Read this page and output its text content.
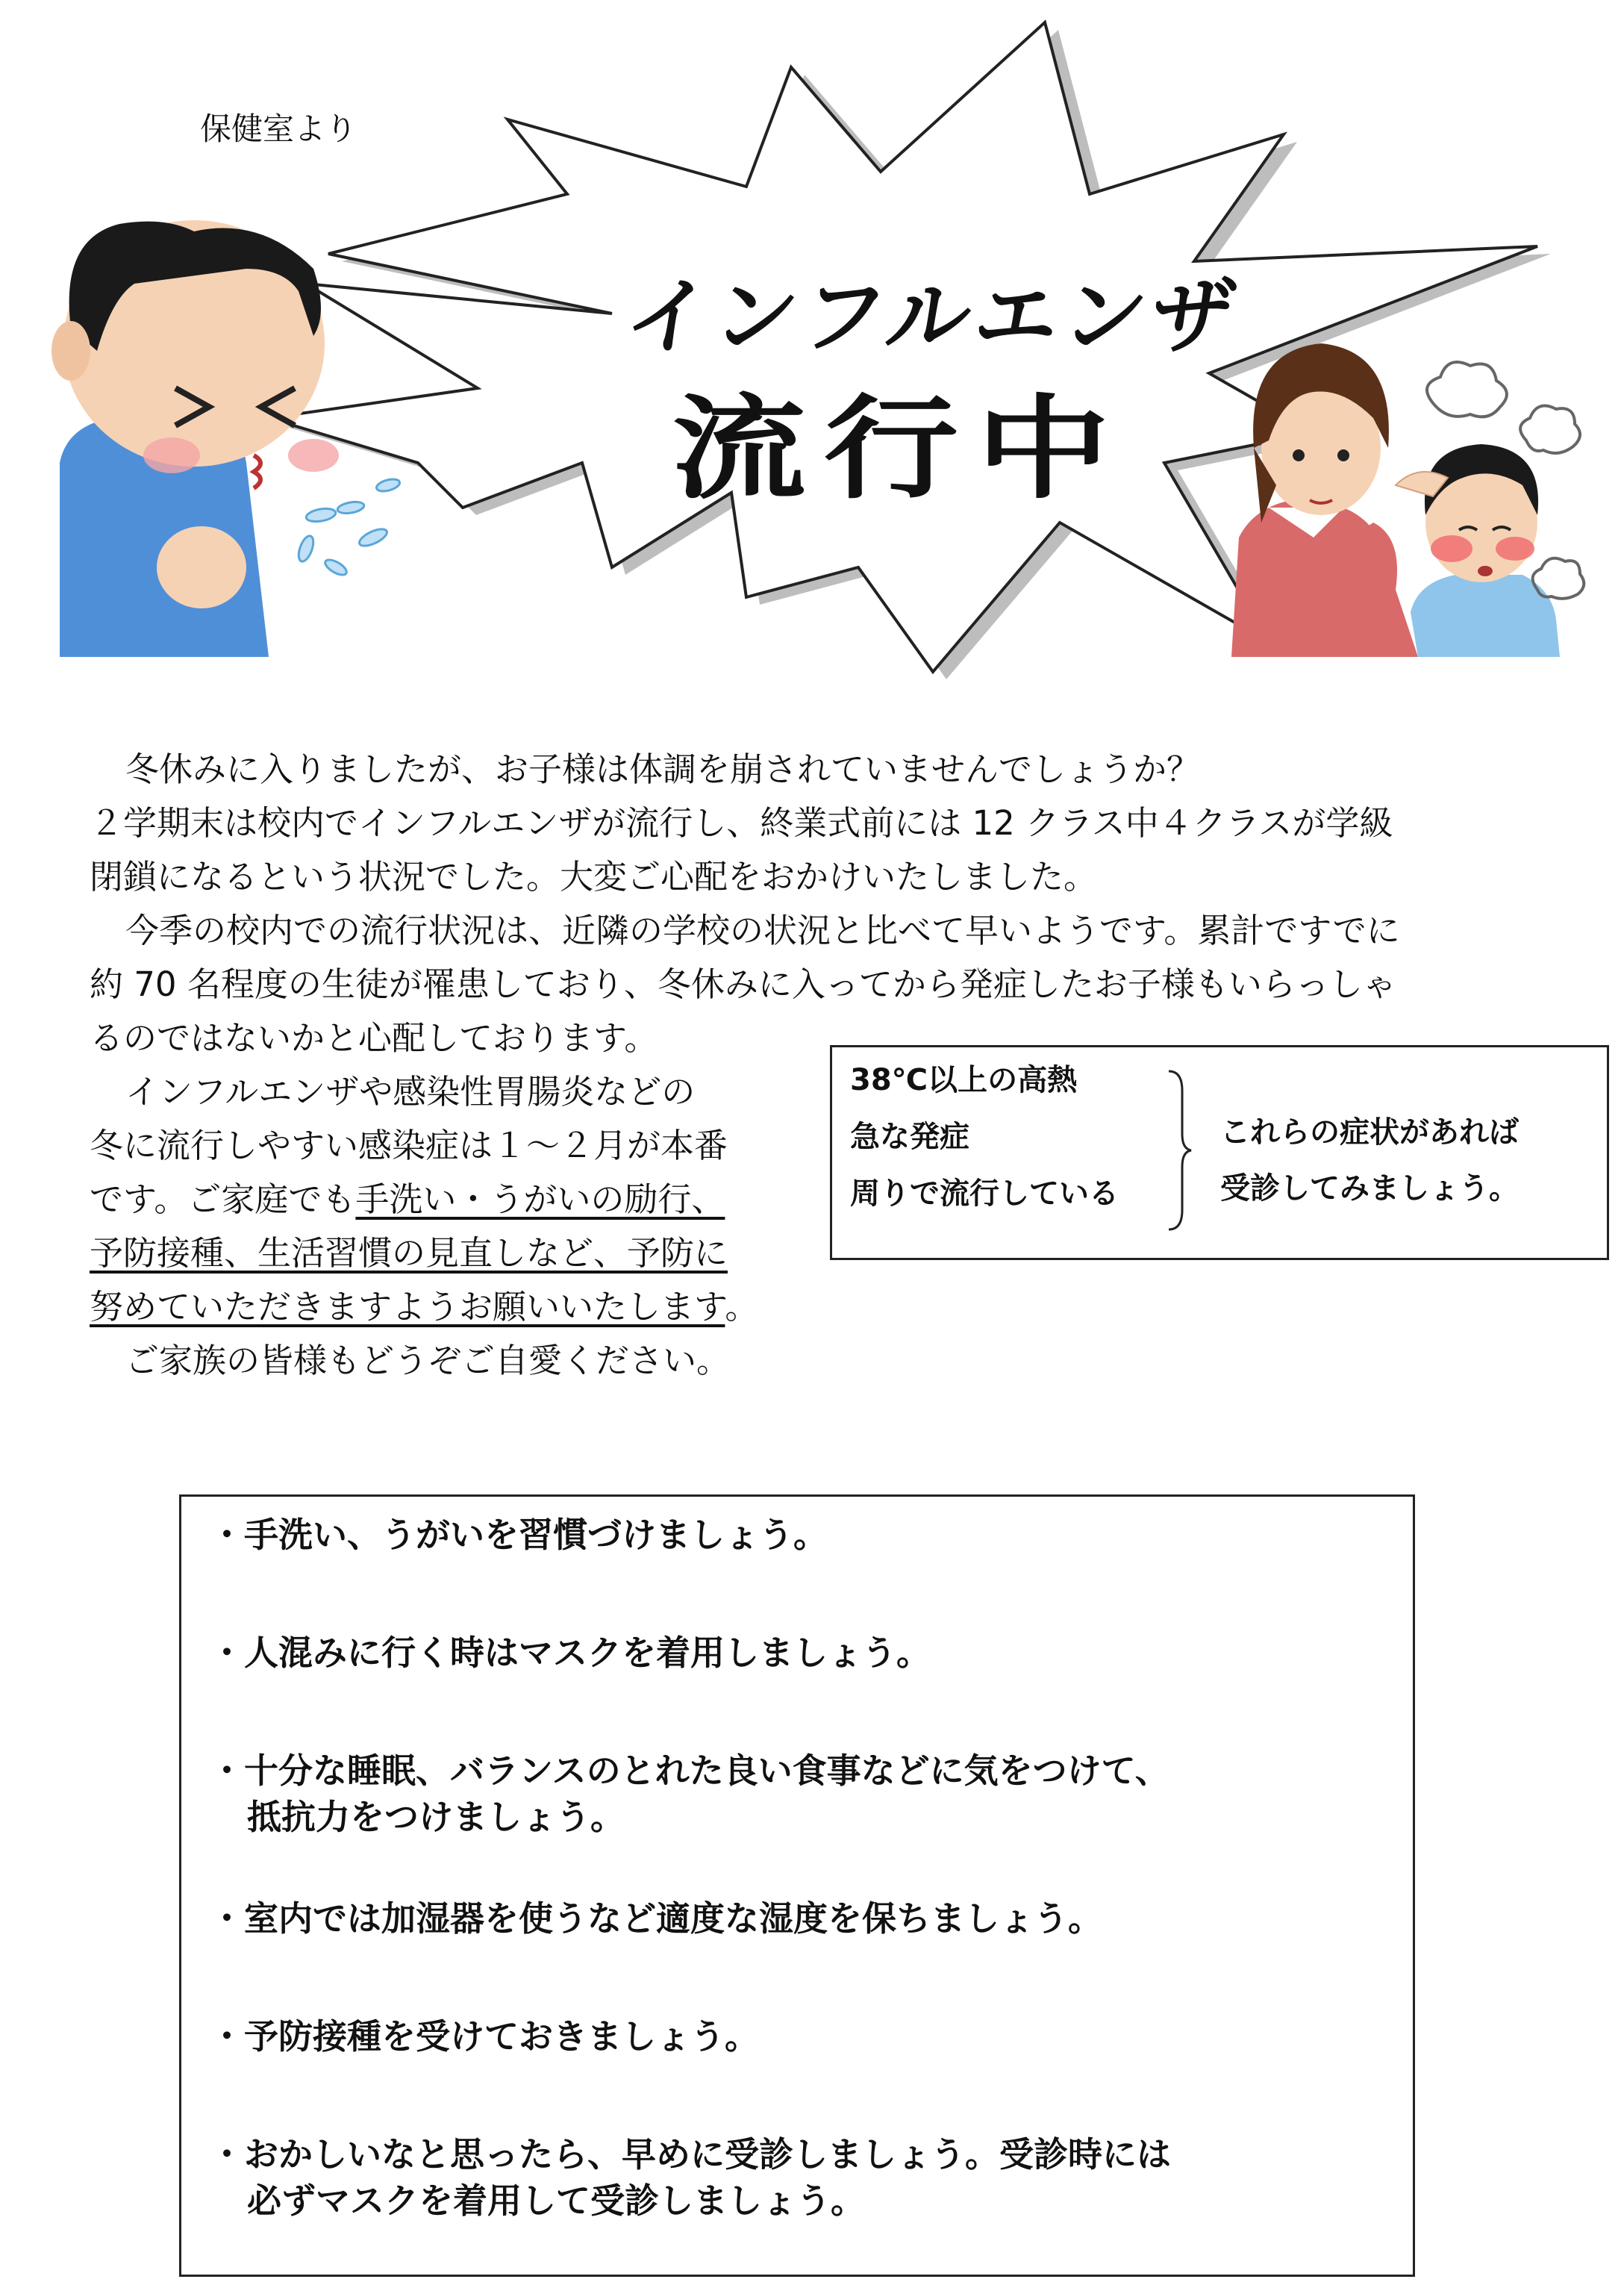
保健室より
インフルエンザ
流行中
冬休みに入りましたが、お子様は体調を崩されていませんでしょうか？
２学期末は校内でインフルエンザが流行し、終業式前には 12 クラス中４クラスが学級
閉鎖になるという状況でした。大変ご心配をおかけいたしました。
今季の校内での流行状況は、近隣の学校の状況と比べて早いようです。累計ですでに
約 70 名程度の生徒が罹患しており、冬休みに入ってから発症したお子様もいらっしゃ
るのではないかと心配しております。
インフルエンザや感染性胃腸炎などの
冬に流行しやすい感染症は１～２月が本番
です。ご家庭でも手洗い・うがいの励行、
予防接種、生活習慣の見直しなど、予防に
努めていただきますようお願いいたします。
ご家族の皆様もどうぞご自愛ください。
38℃以上の高熱
急な発症
周りで流行している
これらの症状があれば
受診してみましょう。
・手洗い、うがいを習慣づけましょう。
・人混みに行く時はマスクを着用しましょう。
・十分な睡眠、バランスのとれた良い食事などに気をつけて、
抵抗力をつけましょう。
・室内では加湿器を使うなど適度な湿度を保ちましょう。
・予防接種を受けておきましょう。
・おかしいなと思ったら、早めに受診しましょう。受診時には
必ずマスクを着用して受診しましょう。
